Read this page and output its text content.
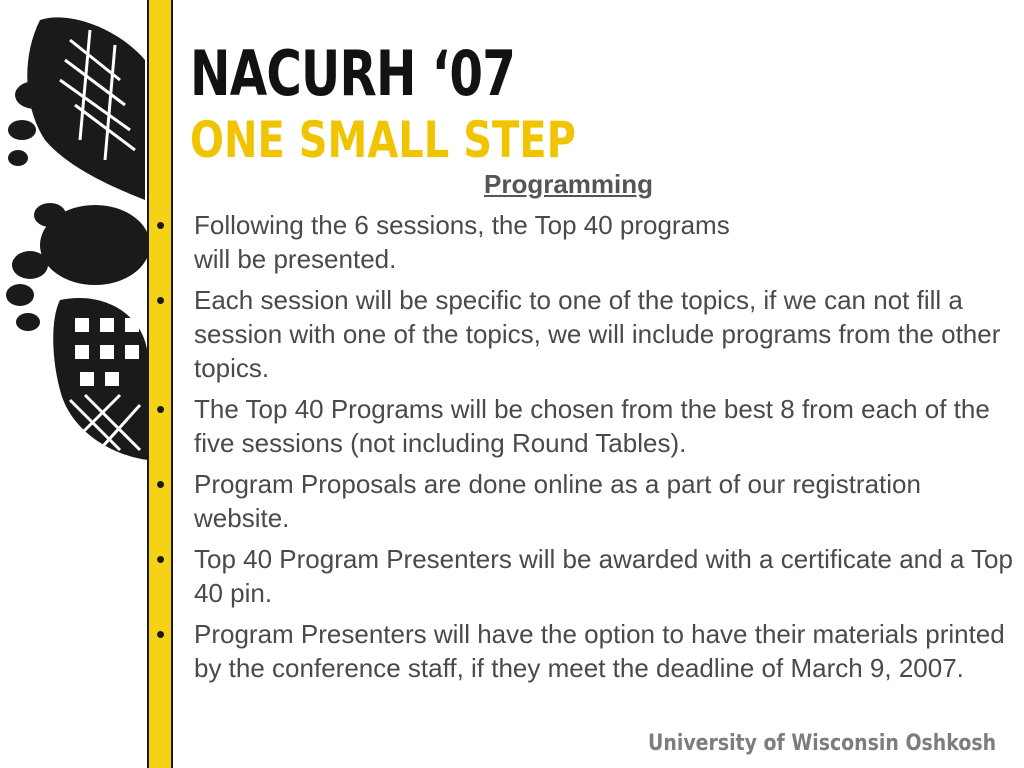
NACURH ‘07
ONE SMALL STEP
Programming
• Following the 6 sessions, the Top 40 programs
will be presented.
• Each session will be specific to one of the topics, if we can not fill a session with one of the topics, we will include programs from the other topics.
• The Top 40 Programs will be chosen from the best 8 from each of the five sessions (not including Round Tables).
• Program Proposals are done online as a part of our registration website.
• Top 40 Program Presenters will be awarded with a certificate and a Top 40 pin.
• Program Presenters will have the option to have their materials printed by the conference staff, if they meet the deadline of March 9, 2007.
University of Wisconsin Oshkosh
